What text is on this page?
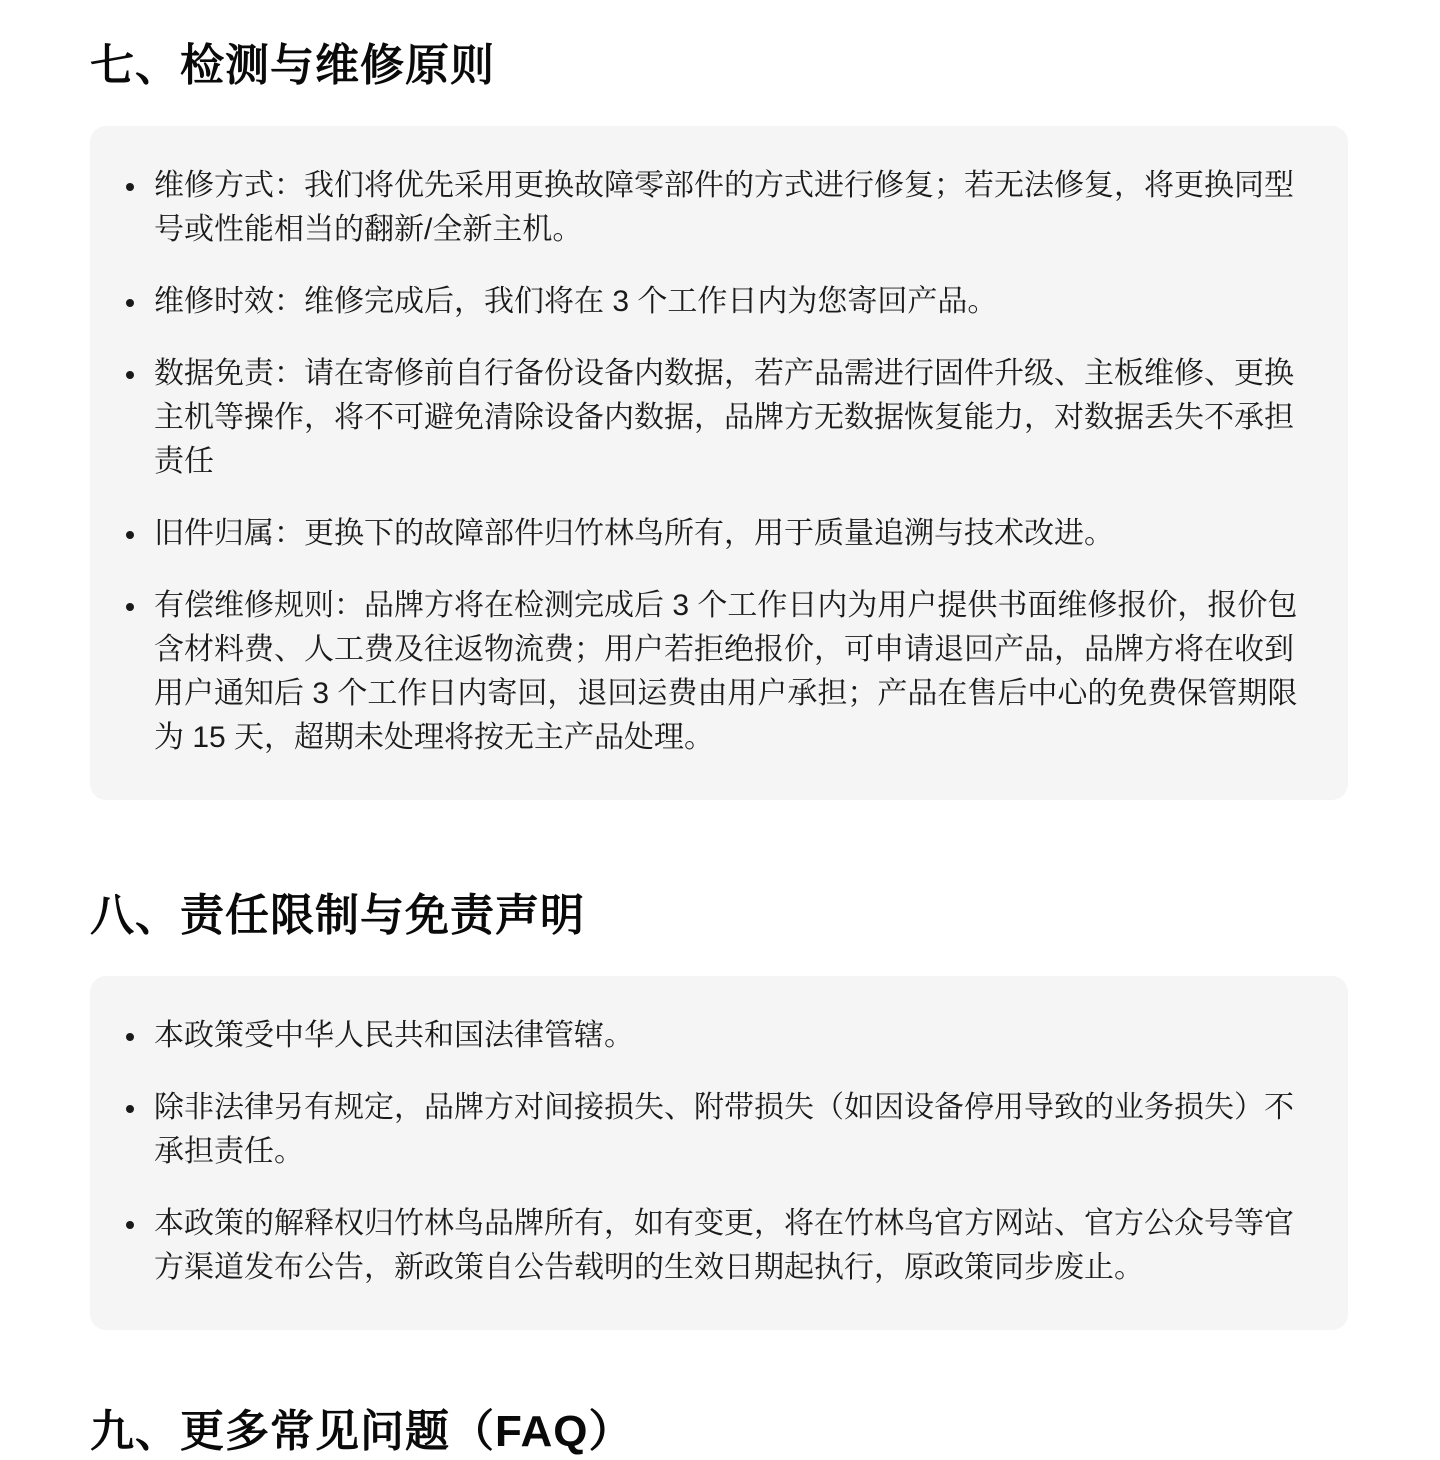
七、检测与维修原则
维修方式：我们将优先采用更换故障零部件的方式进行修复；若无法修复，将更换同型号或性能相当的翻新/全新主机。
维修时效：维修完成后，我们将在 3 个工作日内为您寄回产品。
数据免责：请在寄修前自行备份设备内数据，若产品需进行固件升级、主板维修、更换主机等操作，将不可避免清除设备内数据，品牌方无数据恢复能力，对数据丢失不承担责任
旧件归属：更换下的故障部件归竹林鸟所有，用于质量追溯与技术改进。
有偿维修规则：品牌方将在检测完成后 3 个工作日内为用户提供书面维修报价，报价包含材料费、人工费及往返物流费；用户若拒绝报价，可申请退回产品，品牌方将在收到用户通知后 3 个工作日内寄回，退回运费由用户承担；产品在售后中心的免费保管期限为 15 天，超期未处理将按无主产品处理。
八、责任限制与免责声明
本政策受中华人民共和国法律管辖。
除非法律另有规定，品牌方对间接损失、附带损失（如因设备停用导致的业务损失）不承担责任。
本政策的解释权归竹林鸟品牌所有，如有变更，将在竹林鸟官方网站、官方公众号等官方渠道发布公告，新政策自公告载明的生效日期起执行，原政策同步废止。
九、更多常见问题（FAQ）
